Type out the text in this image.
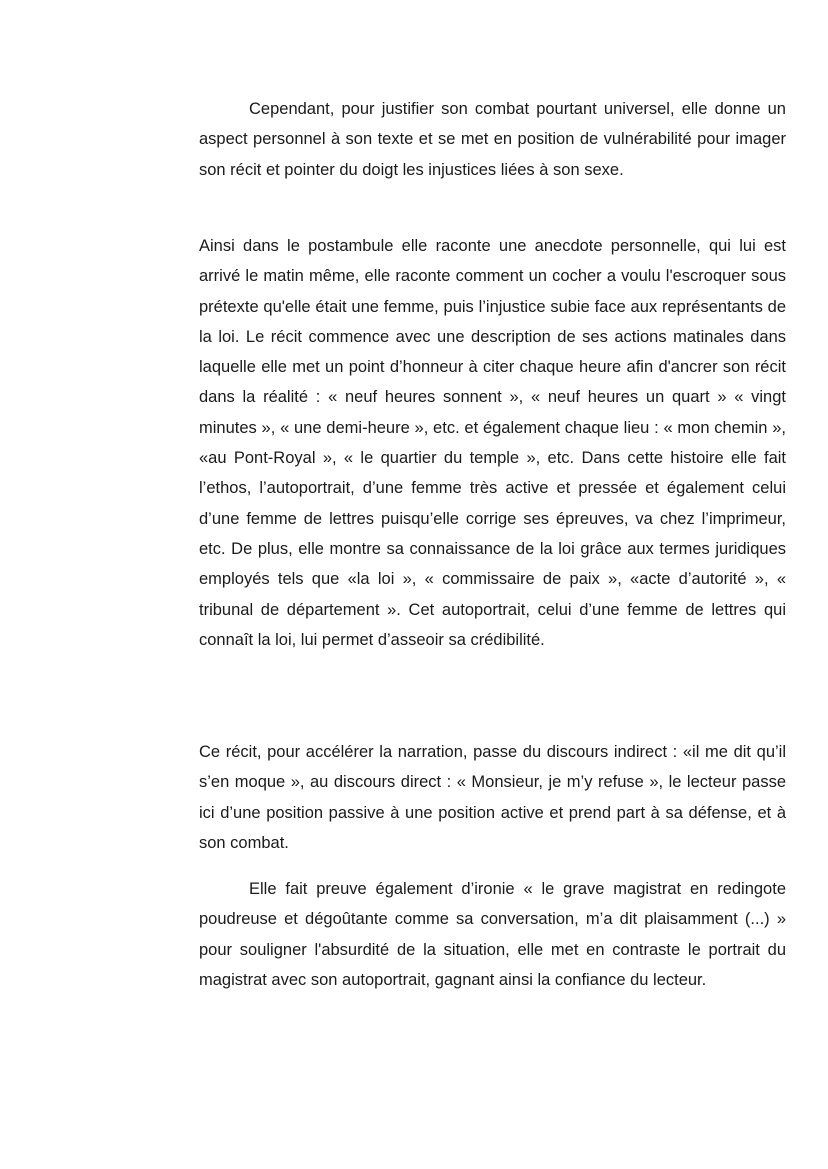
Cependant, pour justifier son combat pourtant universel, elle donne un aspect personnel à son texte et se met en position de vulnérabilité pour imager son récit et pointer du doigt les injustices liées à son sexe.

Ainsi dans le postambule elle raconte une anecdote personnelle, qui lui est arrivé le matin même, elle raconte comment un cocher a voulu l'escroquer sous prétexte qu'elle était une femme, puis l’injustice subie face aux représentants de la loi. Le récit commence avec une description de ses actions matinales dans laquelle elle met un point d’honneur à citer chaque heure afin d'ancrer son récit dans la réalité : « neuf heures sonnent », « neuf heures un quart » « vingt minutes », « une demi-heure », etc. et également chaque lieu : « mon chemin », «au Pont-Royal », « le quartier du temple », etc. Dans cette histoire elle fait l’ethos, l’autoportrait, d’une femme très active et pressée et également celui d’une femme de lettres puisqu’elle corrige ses épreuves, va chez l’imprimeur, etc. De plus, elle montre sa connaissance de la loi grâce aux termes juridiques employés tels que «la loi », « commissaire de paix », «acte d’autorité », « tribunal de département ». Cet autoportrait, celui d’une femme de lettres qui connaît la loi, lui permet d’asseoir sa crédibilité.

Ce récit, pour accélérer la narration, passe du discours indirect : «il me dit qu’il s’en moque », au discours direct : « Monsieur, je m’y refuse », le lecteur passe ici d’une position passive à une position active et prend part à sa défense, et à son combat.

Elle fait preuve également d’ironie « le grave magistrat en redingote poudreuse et dégoûtante comme sa conversation, m’a dit plaisamment (...) » pour souligner l'absurdité de la situation, elle met en contraste le portrait du magistrat avec son autoportrait, gagnant ainsi la confiance du lecteur.
